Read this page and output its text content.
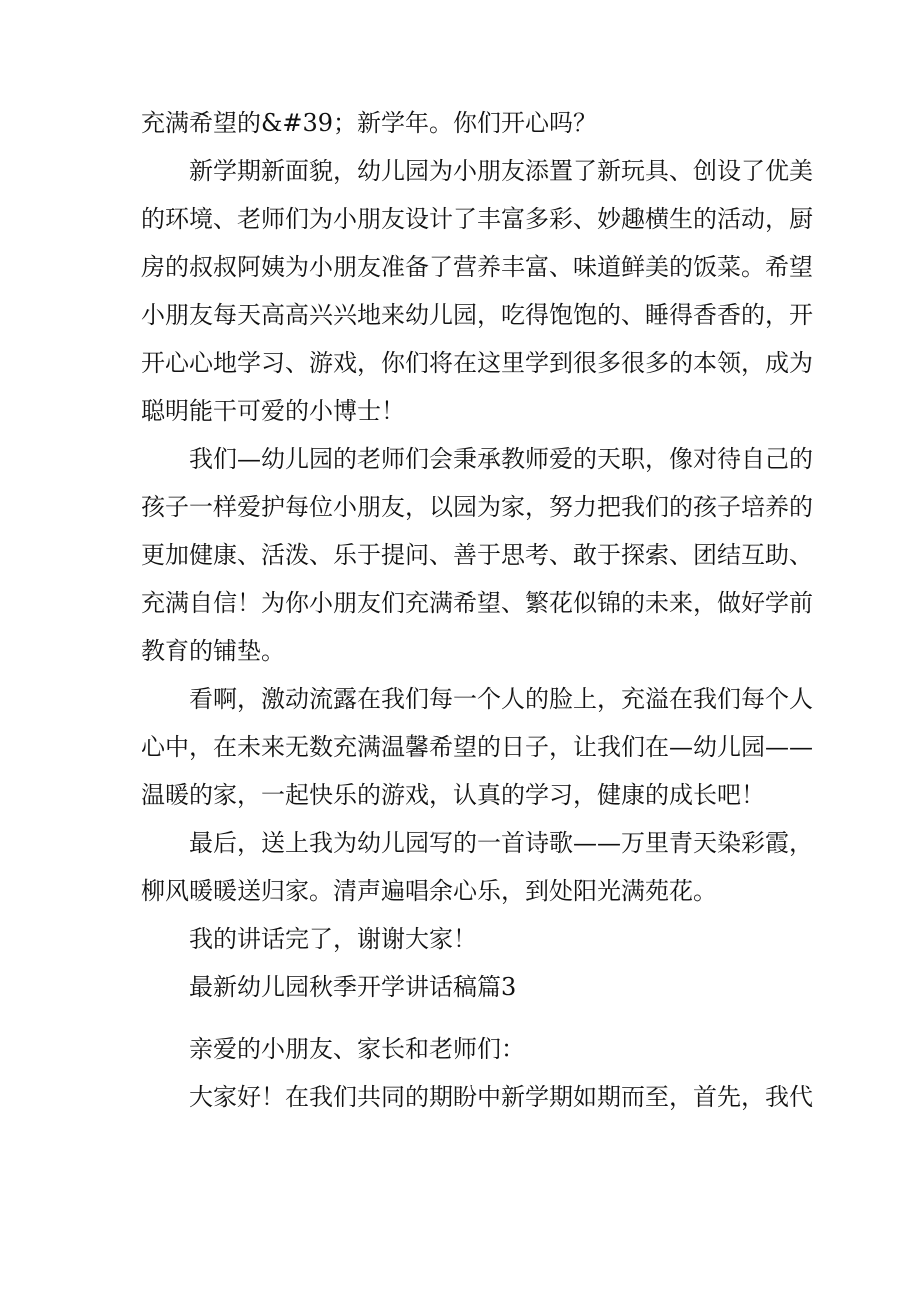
充满希望的&#39；新学年。你们开心吗？
新学期新面貌，幼儿园为小朋友添置了新玩具、创设了优美
的环境、老师们为小朋友设计了丰富多彩、妙趣横生的活动，厨
房的叔叔阿姨为小朋友准备了营养丰富、味道鲜美的饭菜。希望
小朋友每天高高兴兴地来幼儿园，吃得饱饱的、睡得香香的，开
开心心地学习、游戏，你们将在这里学到很多很多的本领，成为
聪明能干可爱的小博士！
我们—幼儿园的老师们会秉承教师爱的天职，像对待自己的
孩子一样爱护每位小朋友，以园为家，努力把我们的孩子培养的
更加健康、活泼、乐于提问、善于思考、敢于探索、团结互助、
充满自信！为你小朋友们充满希望、繁花似锦的未来，做好学前
教育的铺垫。
看啊，激动流露在我们每一个人的脸上，充溢在我们每个人
心中，在未来无数充满温馨希望的日子，让我们在—幼儿园——
温暖的家，一起快乐的游戏，认真的学习，健康的成长吧！
最后，送上我为幼儿园写的一首诗歌——万里青天染彩霞，
柳风暖暖送归家。清声遍唱余心乐，到处阳光满苑花。
我的讲话完了，谢谢大家！
最新幼儿园秋季开学讲话稿篇3
亲爱的小朋友、家长和老师们：
大家好！在我们共同的期盼中新学期如期而至，首先，我代
